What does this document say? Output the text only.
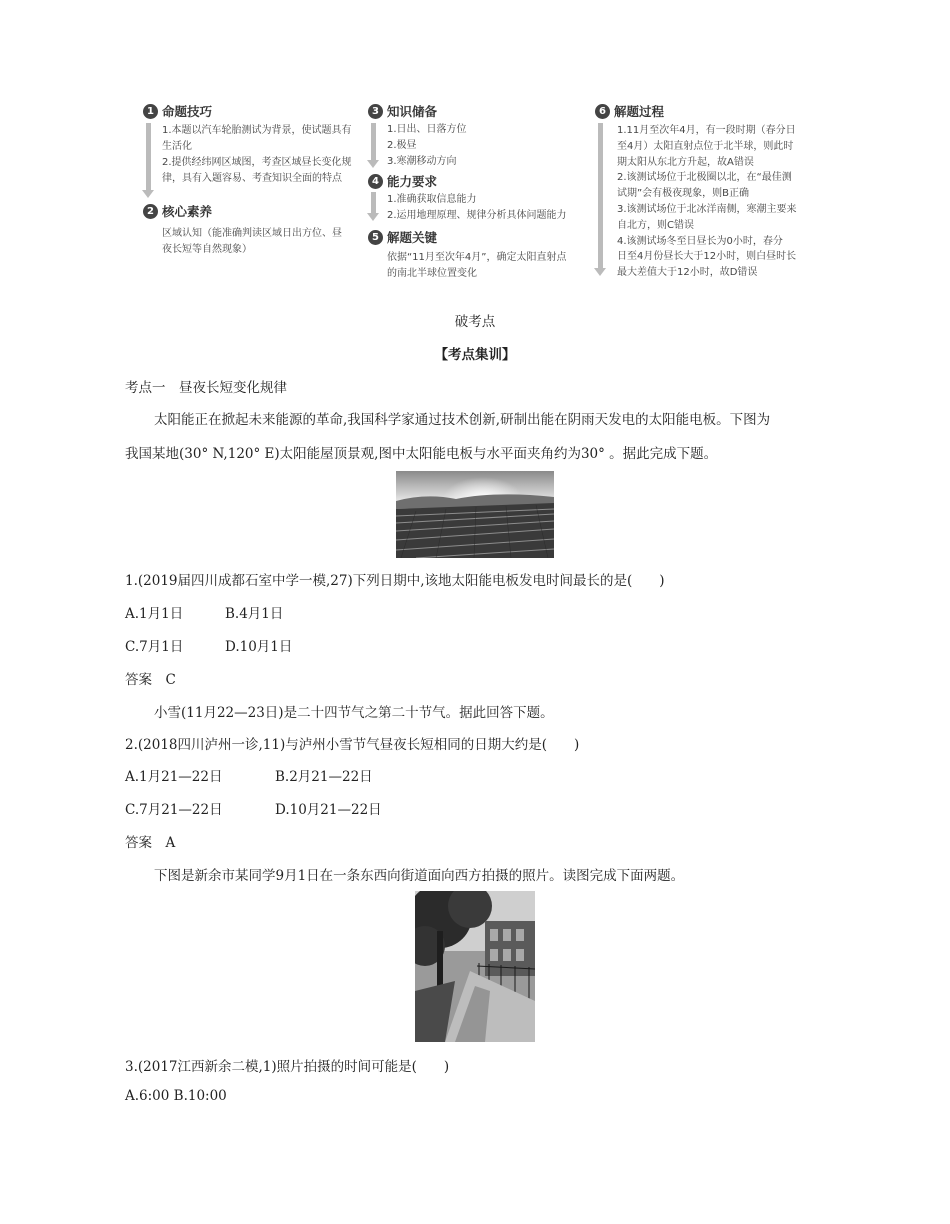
1 命题技巧
1.本题以汽车轮胎测试为背景，使试题具有
生活化
2.提供经纬网区域图，考查区域昼长变化规
律，具有入题容易、考查知识全面的特点
2 核心素养
区域认知（能准确判读区域日出方位、昼
夜长短等自然现象）
3 知识储备
1.日出、日落方位
2.极昼
3.寒潮移动方向
4 能力要求
1.准确获取信息能力
2.运用地理原理、规律分析具体问题能力
5 解题关键
依据“11月至次年4月”，确定太阳直射点
的南北半球位置变化
6 解题过程
1.11月至次年4月，有一段时期（春分日
至4月）太阳直射点位于北半球，则此时
期太阳从东北方升起，故A错误
2.该测试场位于北极圈以北，在“最佳测
试期”会有极夜现象，则B正确
3.该测试场位于北冰洋南侧，寒潮主要来
自北方，则C错误
4.该测试场冬至日昼长为0小时，春分
日至4月份昼长大于12小时，则白昼时长
最大差值大于12小时，故D错误
破考点
【考点集训】
考点一　昼夜长短变化规律
太阳能正在掀起未来能源的革命,我国科学家通过技术创新,研制出能在阴雨天发电的太阳能电板。下图为
我国某地(30° N,120° E)太阳能屋顶景观,图中太阳能电板与水平面夹角约为30° 。据此完成下题。
1.(2019届四川成都石室中学一模,27)下列日期中,该地太阳能电板发电时间最长的是(　　)
A.1月1日	B.4月1日
C.7月1日	D.10月1日
答案　C
小雪(11月22—23日)是二十四节气之第二十节气。据此回答下题。
2.(2018四川泸州一诊,11)与泸州小雪节气昼夜长短相同的日期大约是(　　)
A.1月21—22日	B.2月21—22日
C.7月21—22日	D.10月21—22日
答案　A
下图是新余市某同学9月1日在一条东西向街道面向西方拍摄的照片。读图完成下面两题。
3.(2017江西新余二模,1)照片拍摄的时间可能是(　　)
A.6:00 B.10:00
